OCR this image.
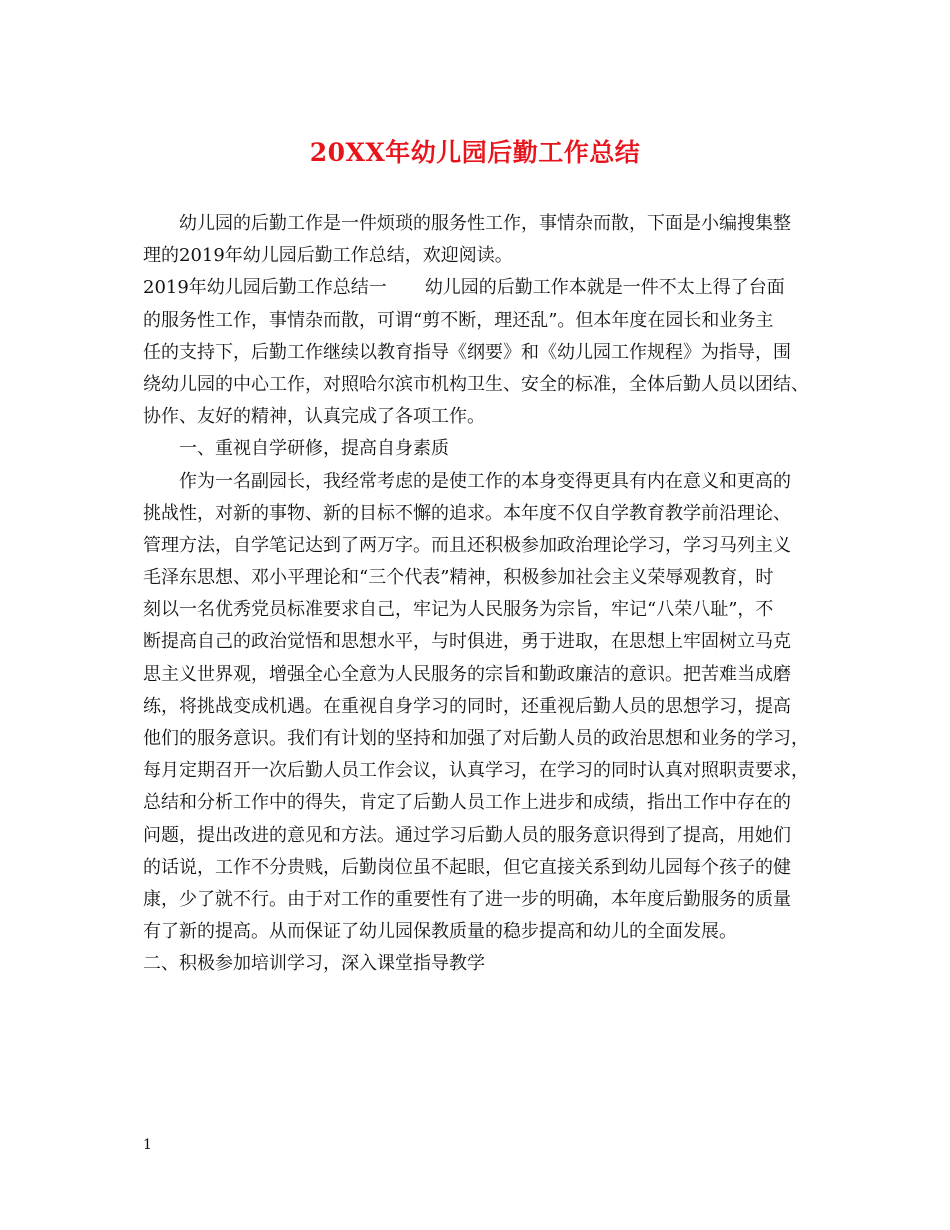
20XX年幼儿园后勤工作总结
幼儿园的后勤工作是一件烦琐的服务性工作，事情杂而散，下面是小编搜集整
理的2019年幼儿园后勤工作总结，欢迎阅读。
2019年幼儿园后勤工作总结一 幼儿园的后勤工作本就是一件不太上得了台面
的服务性工作，事情杂而散，可谓“剪不断，理还乱”。但本年度在园长和业务主
任的支持下，后勤工作继续以教育指导《纲要》和《幼儿园工作规程》为指导，围
绕幼儿园的中心工作，对照哈尔滨市机构卫生、安全的标准，全体后勤人员以团结、
协作、友好的精神，认真完成了各项工作。
一、重视自学研修，提高自身素质
作为一名副园长，我经常考虑的是使工作的本身变得更具有内在意义和更高的
挑战性，对新的事物、新的目标不懈的追求。本年度不仅自学教育教学前沿理论、
管理方法，自学笔记达到了两万字。而且还积极参加政治理论学习，学习马列主义
毛泽东思想、邓小平理论和“三个代表”精神，积极参加社会主义荣辱观教育，时
刻以一名优秀党员标准要求自己，牢记为人民服务为宗旨，牢记“八荣八耻”，不
断提高自己的政治觉悟和思想水平，与时俱进，勇于进取，在思想上牢固树立马克
思主义世界观，增强全心全意为人民服务的宗旨和勤政廉洁的意识。把苦难当成磨
练，将挑战变成机遇。在重视自身学习的同时，还重视后勤人员的思想学习，提高
他们的服务意识。我们有计划的坚持和加强了对后勤人员的政治思想和业务的学习，
每月定期召开一次后勤人员工作会议，认真学习，在学习的同时认真对照职责要求，
总结和分析工作中的得失，肯定了后勤人员工作上进步和成绩，指出工作中存在的
问题，提出改进的意见和方法。通过学习后勤人员的服务意识得到了提高，用她们
的话说，工作不分贵贱，后勤岗位虽不起眼，但它直接关系到幼儿园每个孩子的健
康，少了就不行。由于对工作的重要性有了进一步的明确，本年度后勤服务的质量
有了新的提高。从而保证了幼儿园保教质量的稳步提高和幼儿的全面发展。
二、积极参加培训学习，深入课堂指导教学
1
